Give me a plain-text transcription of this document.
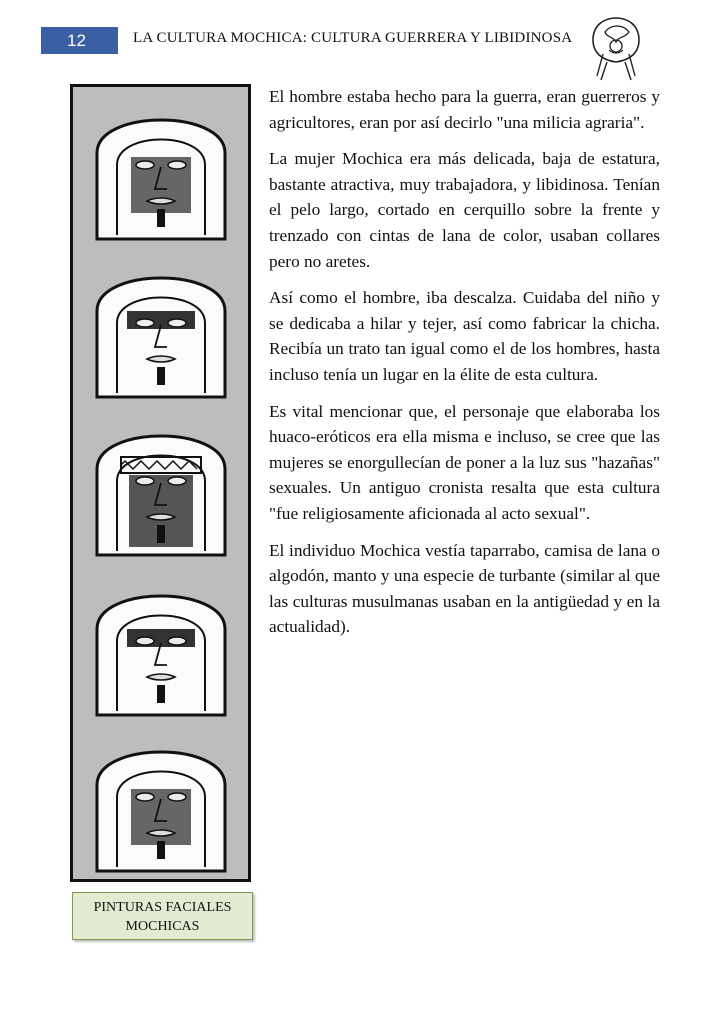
12	LA CULTURA MOCHICA: CULTURA GUERRERA Y LIBIDINOSA
PINTURAS FACIALES
MOCHICAS

El hombre estaba hecho para la guerra, eran guerreros y agricultores, eran por así decirlo "una milicia agraria".

La mujer Mochica era más delicada, baja de estatura, bastante atractiva, muy trabajadora, y libidinosa. Tenían el pelo largo, cortado en cerquillo sobre la frente y trenzado con cintas de lana de color, usaban collares pero no aretes.

Así como el hombre, iba descalza. Cuidaba del niño y se dedicaba a hilar y tejer, así como fabricar la chicha. Recibía un trato tan igual como el de los hombres, hasta incluso tenía un lugar en la élite de esta cultura.

Es vital mencionar que, el personaje que elaboraba los huaco-eróticos era ella misma e incluso, se cree que las mujeres se enorgullecían de poner a la luz sus "hazañas" sexuales. Un antiguo cronista resalta que esta cultura "fue religiosamente aficionada al acto sexual".

El individuo Mochica vestía taparrabo, camisa de lana o algodón, manto y una especie de turbante (similar al que las culturas musulmanas usaban en la antigüedad y en la actualidad).
